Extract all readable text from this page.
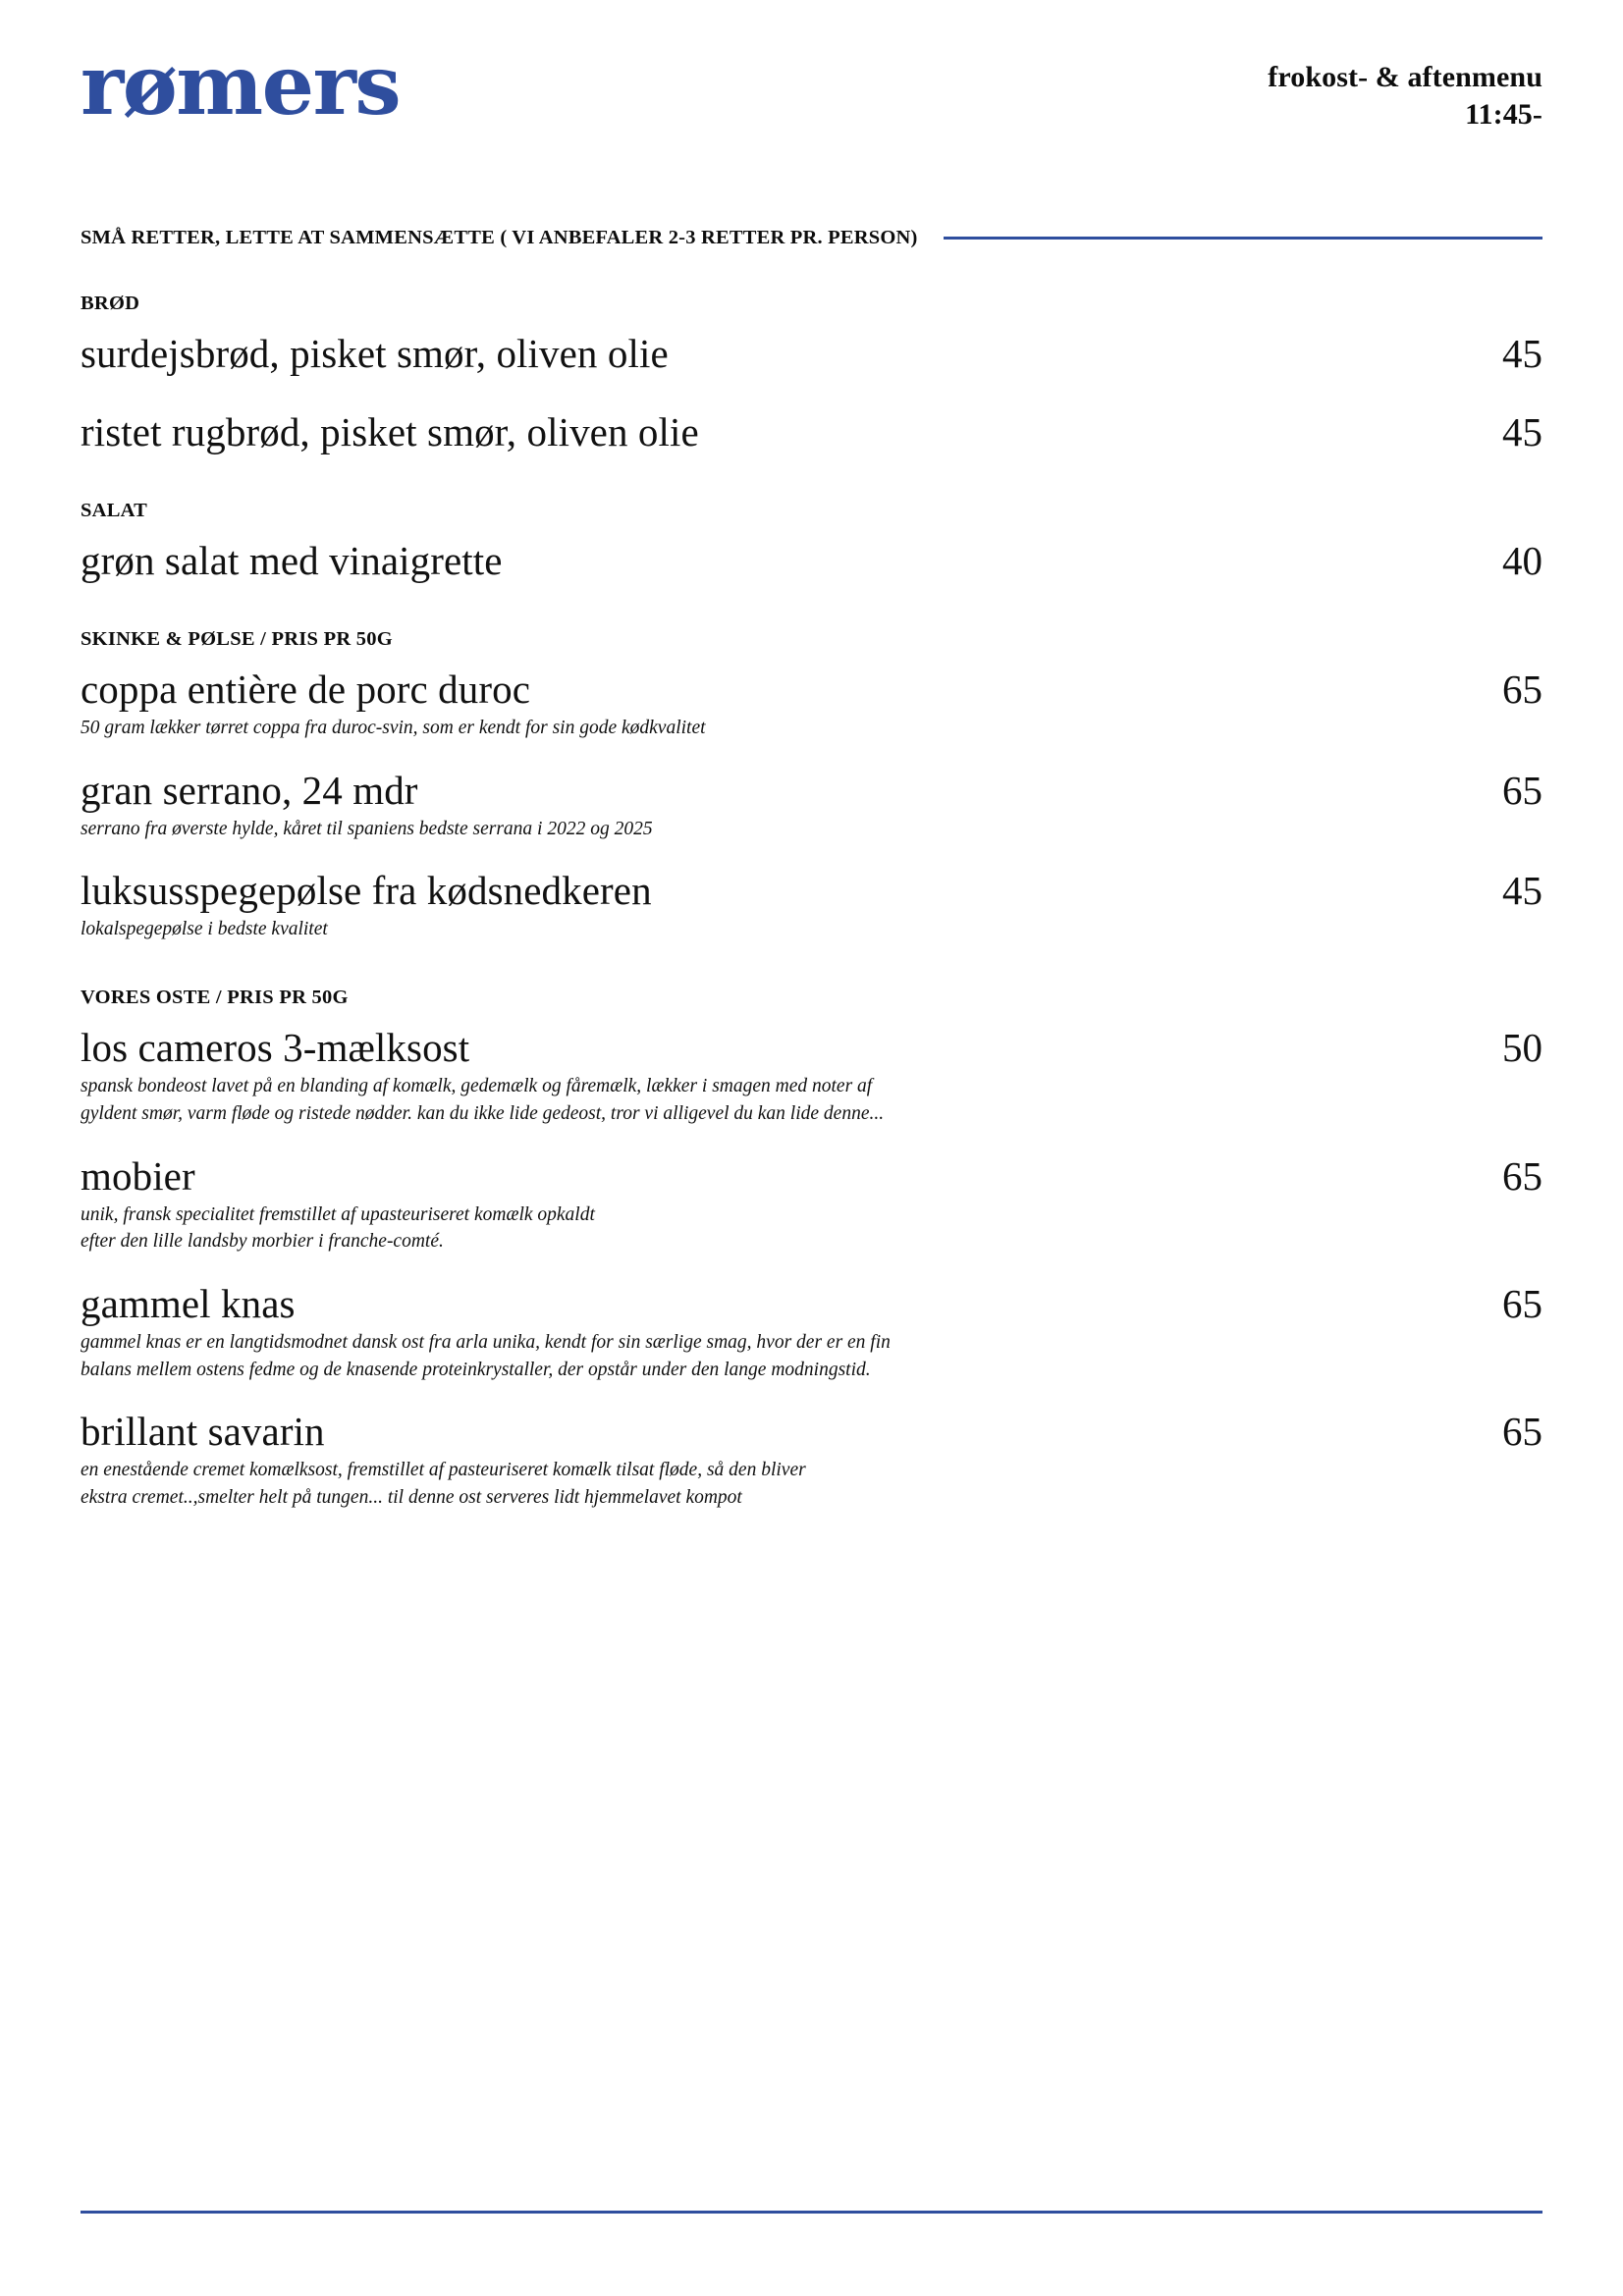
rømers	frokost- & aftenmenu
11:45-
SMÅ RETTER, LETTE AT SAMMENSÆTTE ( VI ANBEFALER 2-3 RETTER PR. PERSON)
BRØD
surdejsbrød, pisket smør, oliven olie	45
ristet rugbrød, pisket smør, oliven olie	45
SALAT
grøn salat med vinaigrette	40
SKINKE & PØLSE / PRIS PR 50G
coppa entière de porc duroc	65
50 gram lækker tørret coppa fra duroc-svin, som er kendt for sin gode kødkvalitet
gran serrano, 24 mdr	65
serrano fra øverste hylde, kåret til spaniens bedste serrana i 2022 og 2025
luksusspegepølse fra kødsnedkeren	45
lokalspegepølse i bedste kvalitet
VORES OSTE / PRIS PR 50G
los cameros 3-mælksost	50
spansk bondeost lavet på en blanding af komælk, gedemælk og fåremælk, lækker i smagen med noter af
gyldent smør, varm fløde og ristede nødder. kan du ikke lide gedeost, tror vi alligevel du kan lide denne...
mobier	65
unik, fransk specialitet fremstillet af upasteuriseret komælk opkaldt
efter den lille landsby morbier i franche-comté.
gammel knas	65
gammel knas er en langtidsmodnet dansk ost fra arla unika, kendt for sin særlige smag, hvor der er en fin
balans mellem ostens fedme og de knasende proteinkrystaller, der opstår under den lange modningstid.
brillant savarin	65
en enestående cremet komælksost, fremstillet af pasteuriseret komælk tilsat fløde, så den bliver
ekstra cremet..,smelter helt på tungen... til denne ost serveres lidt hjemmelavet kompot
